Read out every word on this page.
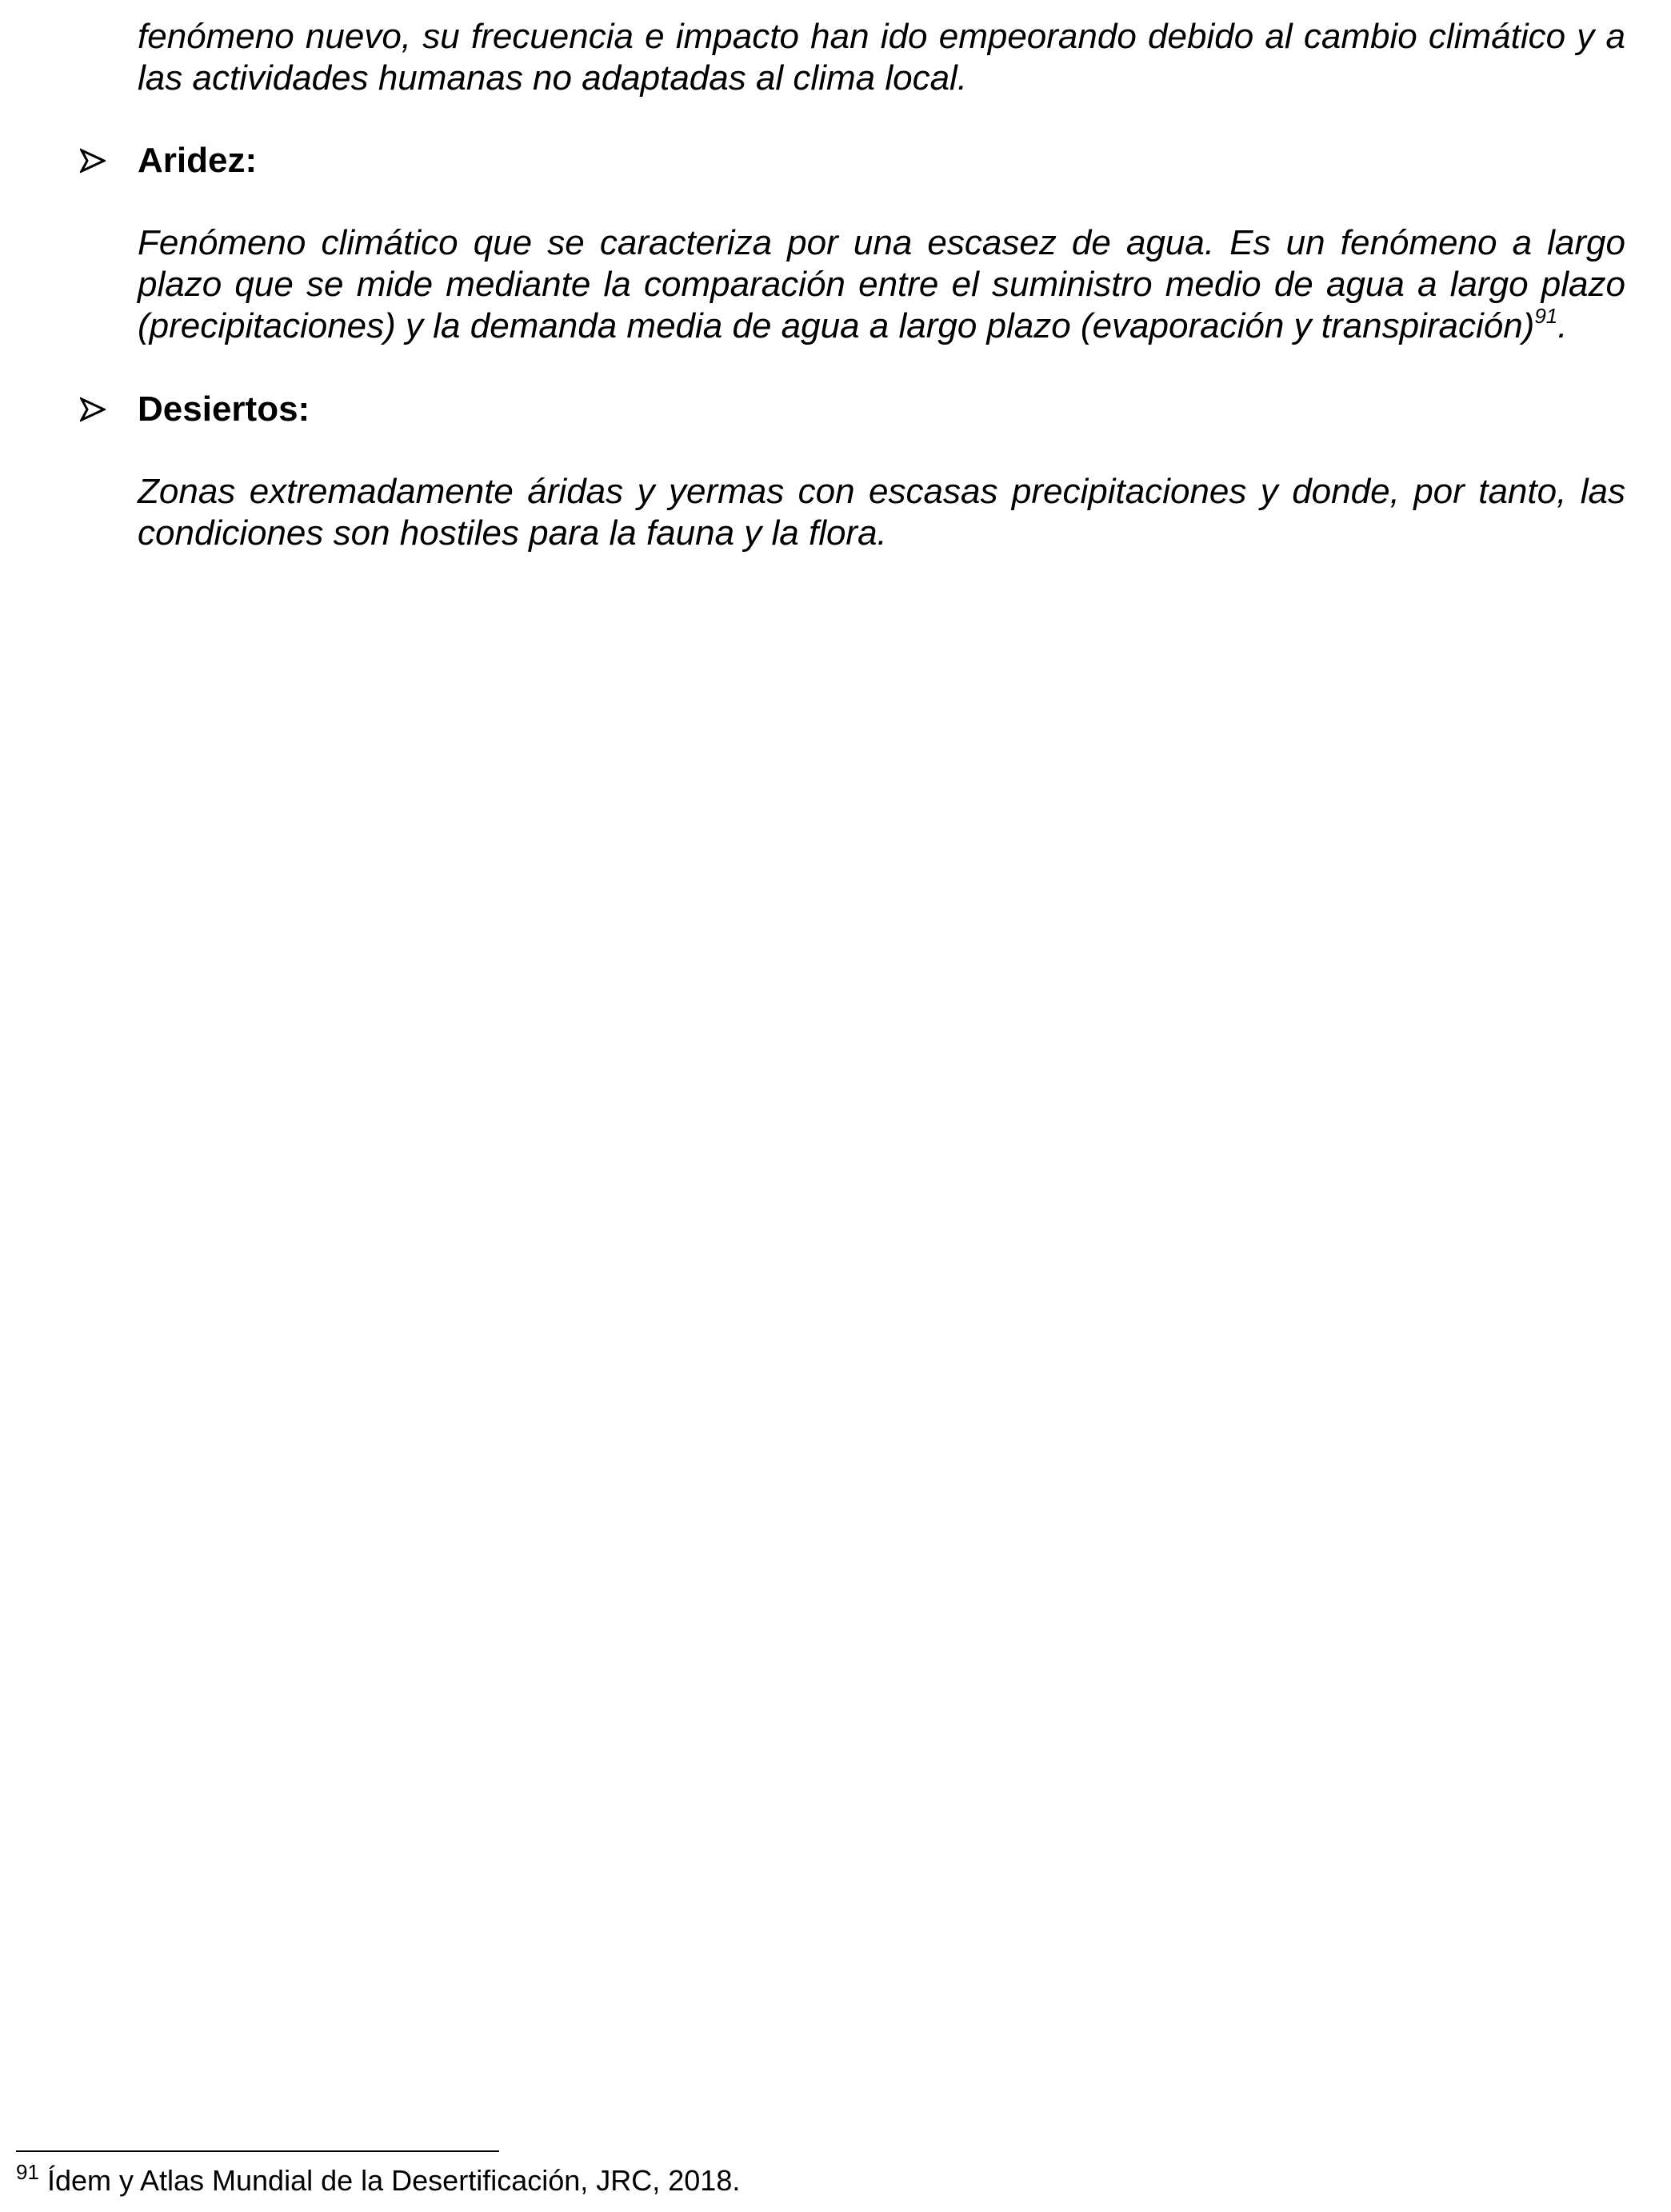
fenómeno nuevo, su frecuencia e impacto han ido empeorando debido al cambio climático y a las actividades humanas no adaptadas al clima local.

Aridez:

Fenómeno climático que se caracteriza por una escasez de agua. Es un fenómeno a largo plazo que se mide mediante la comparación entre el suministro medio de agua a largo plazo (precipitaciones) y la demanda media de agua a largo plazo (evaporación y transpiración)$^{91}$.

Desiertos:

Zonas extremadamente áridas y yermas con escasas precipitaciones y donde, por tanto, las condiciones son hostiles para la fauna y la flora.

$^{91}$ Ídem y Atlas Mundial de la Desertificación, JRC, 2018.
